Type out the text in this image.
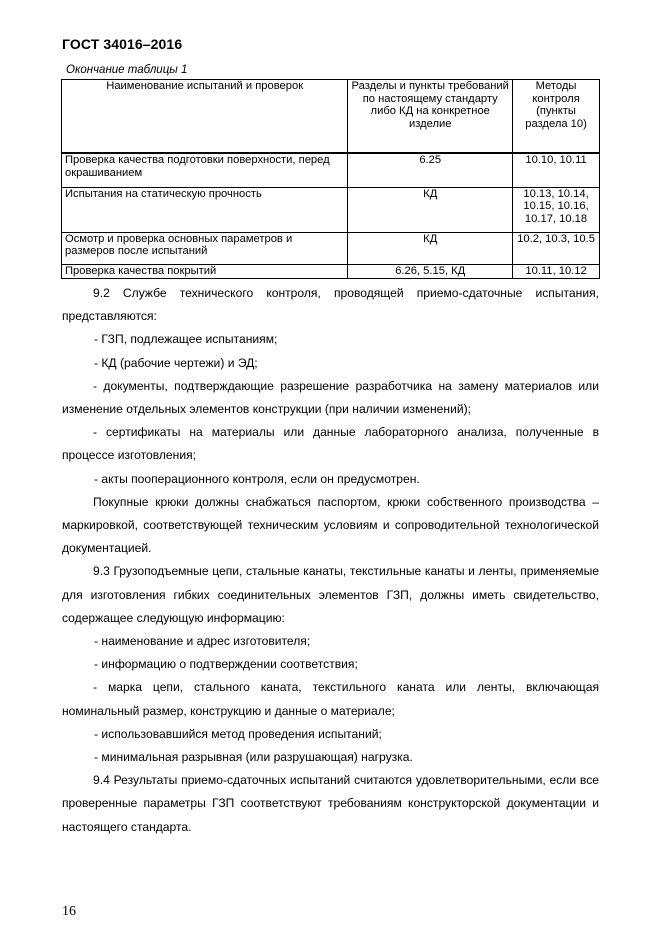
ГОСТ 34016–2016
Окончание таблицы 1
Наименование испытаний и проверок	Разделы и пункты требований по настоящему стандарту либо КД на конкретное изделие	Методы контроля (пункты раздела 10)
Проверка качества подготовки поверхности, перед окрашиванием	6.25	10.10, 10.11
Испытания на статическую прочность	КД	10.13, 10.14, 10.15, 10.16, 10.17, 10.18
Осмотр и проверка основных параметров и размеров после испытаний	КД	10.2, 10.3, 10.5
Проверка качества покрытий	6.26, 5.15, КД	10.11, 10.12

9.2 Службе технического контроля, проводящей приемо-сдаточные испытания, представляются:

- ГЗП, подлежащее испытаниям;

- КД (рабочие чертежи) и ЭД;

- документы, подтверждающие разрешение разработчика на замену материалов или изменение отдельных элементов конструкции (при наличии изменений);

- сертификаты на материалы или данные лабораторного анализа, полученные в процессе изготовления;

- акты пооперационного контроля, если он предусмотрен.

Покупные крюки должны снабжаться паспортом, крюки собственного производства – маркировкой, соответствующей техническим условиям и сопроводительной технологической документацией.

9.3 Грузоподъемные цепи, стальные канаты, текстильные канаты и ленты, применяемые для изготовления гибких соединительных элементов ГЗП, должны иметь свидетельство, содержащее следующую информацию:

- наименование и адрес изготовителя;

- информацию о подтверждении соответствия;

- марка цепи, стального каната, текстильного каната или ленты, включающая номинальный размер, конструкцию и данные о материале;

- использовавшийся метод проведения испытаний;

- минимальная разрывная (или разрушающая) нагрузка.

9.4 Результаты приемо-сдаточных испытаний считаются удовлетворительными, если все проверенные параметры ГЗП соответствуют требованиям конструкторской документации и настоящего стандарта.

16
